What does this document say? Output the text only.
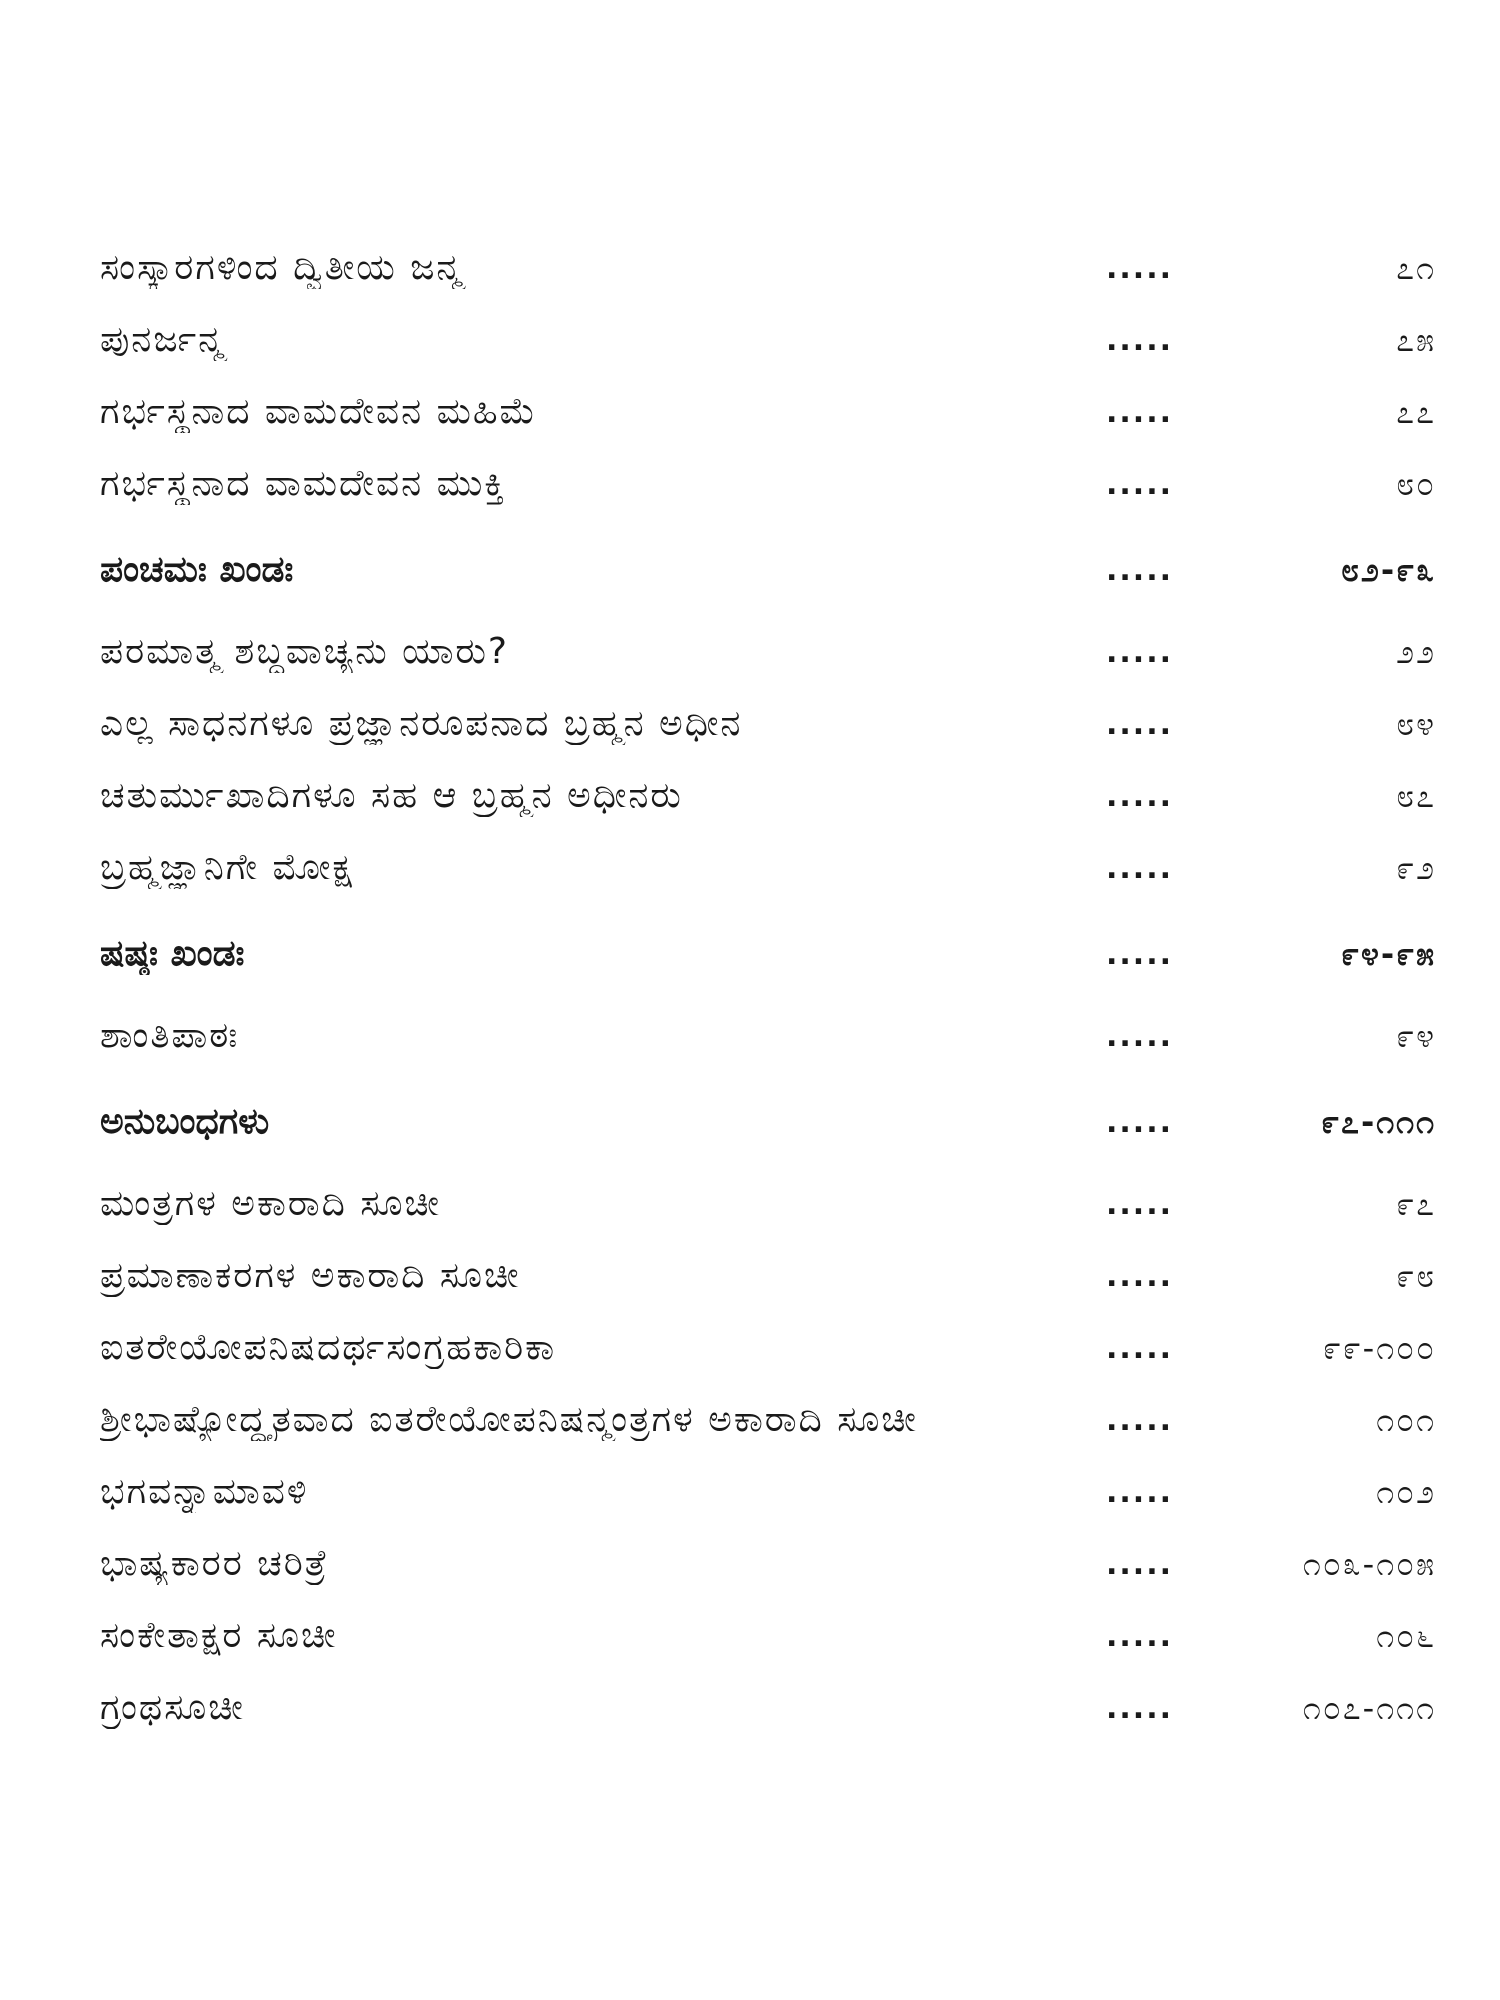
ಸಂಸ್ಕಾರಗಳಿಂದ ದ್ವಿತೀಯ ಜನ್ಮ	.....	೭೧
ಪುನರ್ಜನ್ಮ	.....	೭೫
ಗರ್ಭಸ್ಥನಾದ ವಾಮದೇವನ ಮಹಿಮೆ	.....	೭೭
ಗರ್ಭಸ್ಥನಾದ ವಾಮದೇವನ ಮುಕ್ತಿ	.....	೮೦
ಪಂಚಮಃ ಖಂಡಃ	.....	೮೨-೯೩
ಪರಮಾತ್ಮ ಶಬ್ದವಾಚ್ಯನು ಯಾರು?	.....	೨೨
ಎಲ್ಲ ಸಾಧನಗಳೂ ಪ್ರಜ್ಞಾನರೂಪನಾದ ಬ್ರಹ್ಮನ ಅಧೀನ	.....	೮೪
ಚತುರ್ಮುಖಾದಿಗಳೂ ಸಹ ಆ ಬ್ರಹ್ಮನ ಅಧೀನರು	.....	೮೭
ಬ್ರಹ್ಮಜ್ಞಾನಿಗೇ ಮೋಕ್ಷ	.....	೯೨
ಷಷ್ಠಃ ಖಂಡಃ	.....	೯೪-೯೫
ಶಾಂತಿಪಾಠಃ	.....	೯೪
ಅನುಬಂಧಗಳು	.....	೯೭-೧೧೧
ಮಂತ್ರಗಳ ಅಕಾರಾದಿ ಸೂಚೀ	.....	೯೭
ಪ್ರಮಾಣಾಕರಗಳ ಅಕಾರಾದಿ ಸೂಚೀ	.....	೯೮
ಐತರೇಯೋಪನಿಷದರ್ಥಸಂಗ್ರಹಕಾರಿಕಾ	.....	೯೯-೧೦೦
ಶ್ರೀಭಾಷ್ಯೋದ್ಧೃತವಾದ ಐತರೇಯೋಪನಿಷನ್ಮಂತ್ರಗಳ ಅಕಾರಾದಿ ಸೂಚೀ	.....	೧೦೧
ಭಗವನ್ನಾಮಾವಳಿ	.....	೧೦೨
ಭಾಷ್ಯಕಾರರ ಚರಿತ್ರೆ	.....	೧೦೩-೧೦೫
ಸಂಕೇತಾಕ್ಷರ ಸೂಚೀ	.....	೧೦೬
ಗ್ರಂಥಸೂಚೀ	.....	೧೦೭-೧೧೧
